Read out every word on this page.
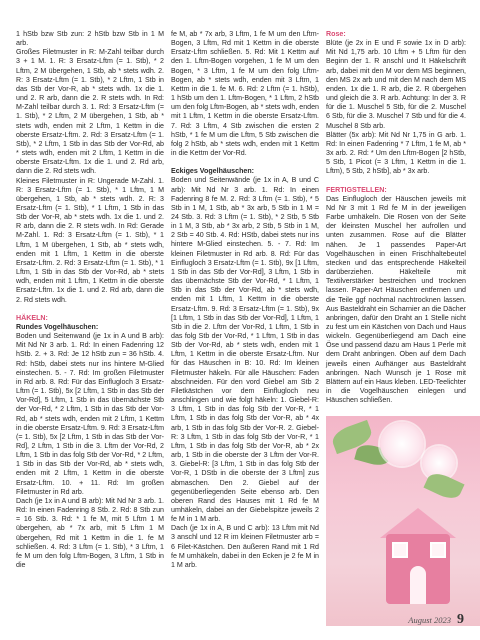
1 hStb bzw Stb zun: 2 hStb bzw Stb in 1 M arb.

Großes Filetmuster in R: M-Zahl teilbar durch 3 + 1 M. 1. R: 3 Ersatz-Lftm (= 1. Stb), * 2 Lftm, 2 M übergehen, 1 Stb, ab * stets wdh. 2. R: 3 Ersatz-Lftm (= 1. Stb), * 2 Lftm, 1 Stb in das Stb der Vor-R, ab * stets wdh. 1x die 1. und 2. R arb, dann die 2. R stets wdh. In Rd: M-Zahl teilbar durch 3. 1. Rd: 3 Ersatz-Lftm (= 1. Stb), * 2 Lftm, 2 M übergehen, 1 Stb, ab * stets wdh, enden mit 2 Lftm, 1 Kettm in die oberste Ersatz-Lftm. 2. Rd: 3 Ersatz-Lftm (= 1. Stb), * 2 Lftm, 1 Stb in das Stb der Vor-Rd, ab * stets wdh, enden mit 2 Lftm, 1 Kettm in die oberste Ersatz-Lftm. 1x die 1. und 2. Rd arb, dann die 2. Rd stets wdh.

Kleines Filetmuster in R: Ungerade M-Zahl. 1. R: 3 Ersatz-Lftm (= 1. Stb), * 1 Lftm, 1 M übergehen, 1 Stb, ab * stets wdh. 2. R: 3 Ersatz-Lftm (= 1. Stb), * 1 Lftm, 1 Stb in das Stb der Vor-R, ab * stets wdh. 1x die 1. und 2. R arb, dann die 2. R stets wdh. In Rd: Gerade M-Zahl. 1. Rd: 3 Ersatz-Lftm (= 1. Stb), * 1 Lftm, 1 M übergehen, 1 Stb, ab * stets wdh, enden mit 1 Lftm, 1 Kettm in die oberste Ersatz-Lftm. 2. Rd: 3 Ersatz-Lftm (= 1. Stb), * 1 Lftm, 1 Stb in das Stb der Vor-Rd, ab * stets wdh, enden mit 1 Lftm, 1 Kettm in die oberste Ersatz-Lftm. 1x die 1. und 2. Rd arb, dann die 2. Rd stets wdh.

HÄKELN:

Rundes Vogelhäuschen:

Boden und Seitenwand (je 1x in A und B arb): Mit Nd Nr 3 arb. 1. Rd: In einen Fadenring 12 hStb. 2. + 3. Rd: Je 12 hStb zun = 36 hStb. 4. Rd: hStb, dabei stets nur ins hintere M-Glied einstechen. 5. - 7. Rd: Im großen Filetmuster in Rd arb. 8. Rd: Für das Einflugloch 3 Ersatz-Lftm (= 1. Stb), 5x [2 Lftm, 1 Stb in das Stb der Vor-Rd], 5 Lftm, 1 Stb in das übernächste Stb der Vor-Rd, * 2 Lftm, 1 Stb in das Stb der Vor-Rd, ab * stets wdh, enden mit 2 Lftm, 1 Kettm in die oberste Ersatz-Lftm. 9. Rd: 3 Ersatz-Lftm (= 1. Stb), 5x [2 Lftm, 1 Stb in das Stb der Vor-Rd], 2 Lftm, 1 Stb in die 3. Lftm der Vor-Rd, 2 Lftm, 1 Stb in das folg Stb der Vor-Rd, * 2 Lftm, 1 Stb in das Stb der Vor-Rd, ab * stets wdh, enden mit 2 Lftm, 1 Kettm in die oberste Ersatz-Lftm. 10. + 11. Rd: Im großen Filetmuster in Rd arb.

Dach (je 1x in A und B arb): Mit Nd Nr 3 arb. 1. Rd: In einen Fadenring 8 Stb. 2. Rd: 8 Stb zun = 16 Stb. 3. Rd: * 1 fe M, mit 5 Lftm 1 M übergehen, ab * 7x arb, mit 5 Lftm 1 M übergehen, Rd mit 1 Kettm in die 1. fe M schließen. 4. Rd: 3 Lftm (= 1. Stb), * 3 Lftm, 1 fe M um den folg Lftm-Bogen, 3 Lftm, 1 Stb in die

fe M, ab * 7x arb, 3 Lftm, 1 fe M um den Lftm-Bogen, 3 Lftm, Rd mit 1 Kettm in die oberste Ersatz-Lftm schließen. 5. Rd: Mit 1 Kettm auf den 1. Lftm-Bogen vorgehen, 1 fe M um den Bogen, * 3 Lftm, 1 fe M um den folg Lftm-Bogen, ab * stets wdh, enden mit 3 Lftm, 1 Kettm in die 1. fe M. 6. Rd: 2 Lftm (= 1. hStb), 1 hStb um den 1. Lftm-Bogen, * 1 Lftm, 2 hStb um den folg Lftm-Bogen, ab * stets wdh, enden mit 1 Lftm, 1 Kettm in die oberste Ersatz-Lftm. 7. Rd: 3 Lftm, 4 Stb zwischen die ersten 2 hStb, * 1 fe M um die Lftm, 5 Stb zwischen die folg 2 hStb, ab * stets wdh, enden mit 1 Kettm in die Kettm der Vor-Rd.

Eckiges Vogelhäuschen:

Boden und Seitenwände (je 1x in A, B und C arb): Mit Nd Nr 3 arb. 1. Rd: In einen Fadenring 8 fe M. 2. Rd: 3 Lftm (= 1. Stb), * 5 Stb in 1 M, 1 Stb, ab * 3x arb, 5 Stb in 1 M = 24 Stb. 3. Rd: 3 Lftm (= 1. Stb), * 2 Stb, 5 Stb in 1 M, 3 Stb, ab * 3x arb, 2 Stb, 5 Stb in 1 M, 2 Stb = 40 Stb. 4. Rd: HStb, dabei stets nur ins hintere M-Glied einstechen. 5. - 7. Rd: Im kleinen Filetmuster in Rd arb. 8. Rd: Für das Einflugloch 3 Ersatz-Lftm (= 1. Stb), 9x [1 Lftm, 1 Stb in das Stb der Vor-Rd], 3 Lftm, 1 Stb in das übernächste Stb der Vor-Rd, * 1 Lftm, 1 Stb in das Stb der Vor-Rd, ab * stets wdh, enden mit 1 Lftm, 1 Kettm in die oberste Ersatz-Lftm. 9. Rd: 3 Ersatz-Lftm (= 1. Stb), 9x [1 Lftm, 1 Stb in das Stb der Vor-Rd], 1 Lftm, 1 Stb in die 2. Lftm der Vor-Rd, 1 Lftm, 1 Stb in das folg Stb der Vor-Rd, * 1 Lftm, 1 Stb in das Stb der Vor-Rd, ab * stets wdh, enden mit 1 Lftm, 1 Kettm in die oberste Ersatz-Lftm. Nur für das Häuschen in B: 10. Rd: Im kleinen Filetmuster häkeln. Für alle Häuschen: Faden abschneiden. Für den vord Giebel am Stb 2 Filetkästchen vor dem Einflugloch neu anschlingen und wie folgt häkeln: 1. Giebel-R: 3 Lftm, 1 Stb in das folg Stb der Vor-R, * 1 Lftm, 1 Stb in das folg Stb der Vor-R, ab * 4x arb, 1 Stb in das folg Stb der Vor-R. 2. Giebel-R: 3 Lftm, 1 Stb in das folg Stb der Vor-R, * 1 Lftm, 1 Stb in das folg Stb der Vor-R, ab * 2x arb, 1 Stb in die oberste der 3 Lftm der Vor-R. 3. Giebel-R: [3 Lftm, 1 Stb in das folg Stb der Vor-R, 1 DStb in die oberste der 3 Lftm] zus abmaschen. Den 2. Giebel auf der gegenüberliegenden Seite ebenso arb. Den oberen Rand des Hauses mit 1 Rd fe M umhäkeln, dabei an der Giebelspitze jeweils 2 fe M in 1 M arb.

Dach (je 1x in A, B und C arb): 13 Lftm mit Nd 3 anschl und 12 R im kleinen Filetmuster arb = 6 Filet-Kästchen. Den äußeren Rand mit 1 Rd fe M umhäkeln, dabei in den Ecken je 2 fe M in 1 M arb.

Rose:

Blüte (je 2x in E und F sowie 1x in D arb): Mit Nd 1,75 arb. 10 Lftm + 5 Lftm für den Beginn der 1. R anschl und It Häkelschrift arb, dabei mit den M vor dem MS beginnen, den MS 2x arb und mit den M nach dem MS enden. 1x die 1. R arb, die 2. R übergehen und gleich die 3. R arb. Achtung: In der 3. R für die 1. Muschel 5 Stb, für die 2. Muschel 6 Stb, für die 3. Muschel 7 Stb und für die 4. Muschel 8 Stb arb.

Blätter (5x arb): Mit Nd Nr 1,75 in G arb. 1. Rd: In einen Fadenring * 7 Lftm, 1 fe M, ab * 3x arb. 2. Rd: * Um den Lftm-Bogen [2 hStb, 5 Stb, 1 Picot (= 3 Lftm, 1 Kettm in die 1. Lftm), 5 Stb, 2 hStb], ab * 3x arb.

FERTIGSTELLEN:

Das Einflugloch der Häuschen jeweils mit Nd Nr 3 mit 1 Rd fe M in der jeweiligen Farbe umhäkeln. Die Rosen von der Seite der kleinsten Muschel her aufrollen und unten zusammen. Rose auf die Blätter nähen. Je 1 passendes Paper-Art Vogelhäuschen in einen Frischhaltebeutel stecken und das entsprechende Häkelteil darüberziehen. Häkelteile mit Textilverstärker bestreichen und trocknen lassen. Paper-Art Häuschen entfernen und die Teile ggf nochmal nachtrocknen lassen. Aus Basteldraht ein Scharnier an die Dächer anbringen, dafür den Draht an 1 Stelle nicht zu fest um ein Kästchen von Dach und Haus wickeln. Gegenüberliegend am Dach eine Öse und passend dazu am Haus 1 Perle mit dem Draht anbringen. Oben auf dem Dach jeweils einen Aufhänger aus Basteldraht anbringen. Nach Wunsch je 1 Rose mit Blättern auf ein Haus kleben. LED-Teelichter in die Vogelhäuschen einlegen und Häuschen schließen.

August 2023 9
